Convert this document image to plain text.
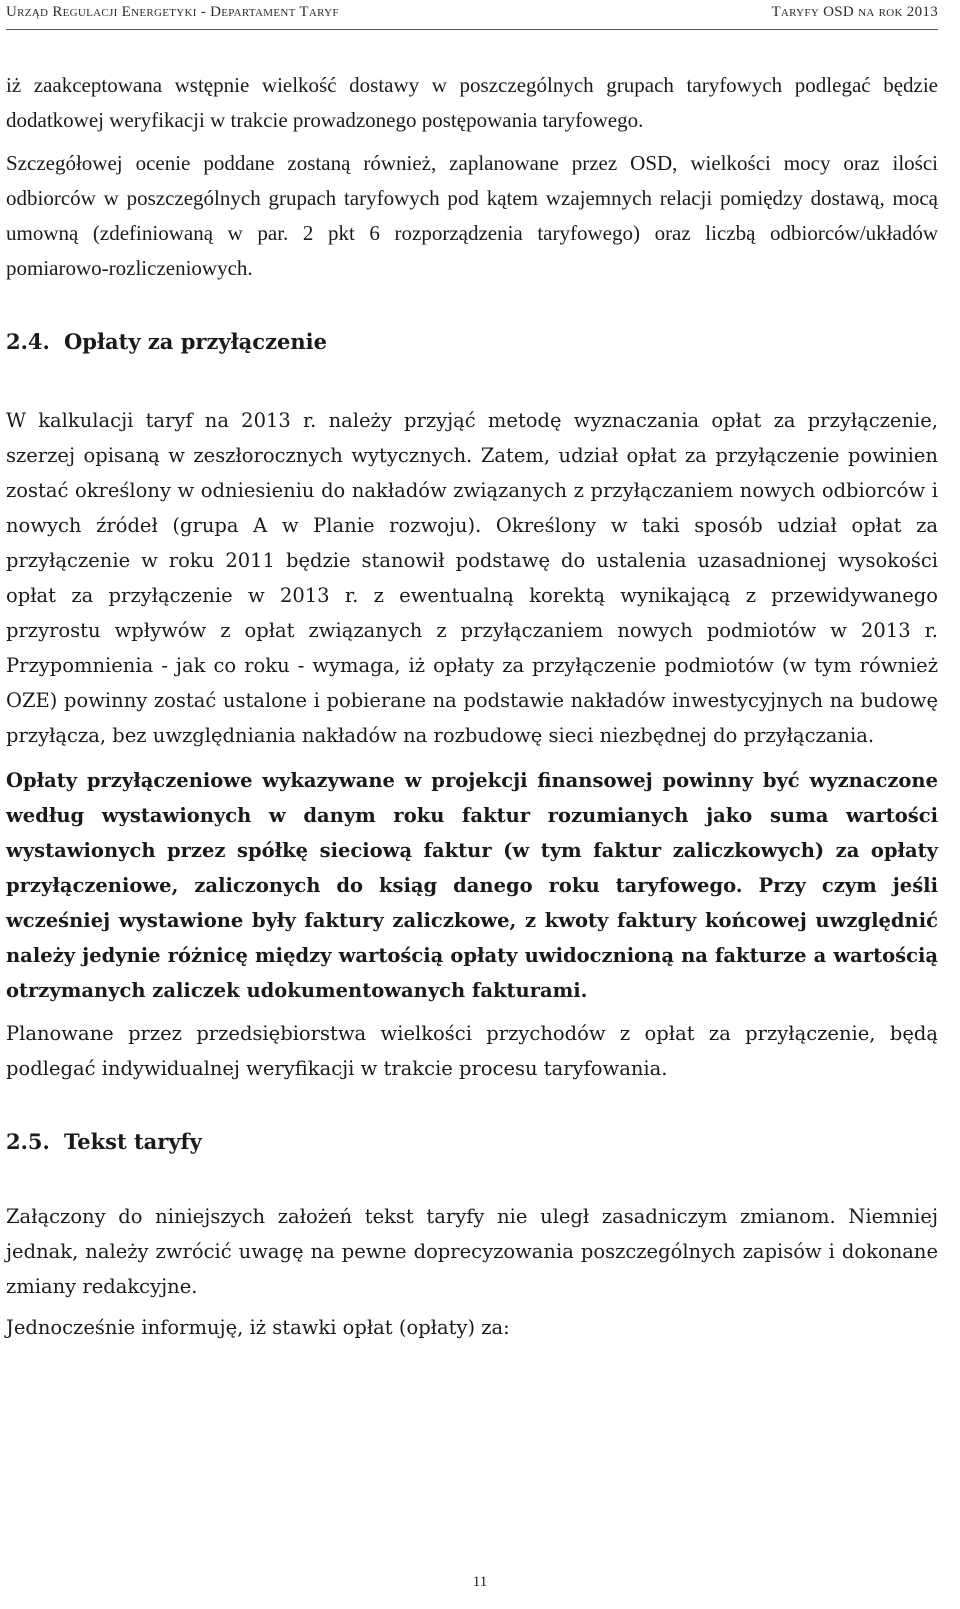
Urząd Regulacji Energetyki - Departament Taryf	Taryfy OSD na rok 2013

iż zaakceptowana wstępnie wielkość dostawy w poszczególnych grupach taryfowych podlegać będzie dodatkowej weryfikacji w trakcie prowadzonego postępowania taryfowego.

Szczegółowej ocenie poddane zostaną również, zaplanowane przez OSD, wielkości mocy oraz ilości odbiorców w poszczególnych grupach taryfowych pod kątem wzajemnych relacji pomiędzy dostawą, mocą umowną (zdefiniowaną w par. 2 pkt 6 rozporządzenia taryfowego) oraz liczbą odbiorców/układów pomiarowo-rozliczeniowych.

2.4. Opłaty za przyłączenie

W kalkulacji taryf na 2013 r. należy przyjąć metodę wyznaczania opłat za przyłączenie, szerzej opisaną w zeszłorocznych wytycznych. Zatem, udział opłat za przyłączenie powinien zostać określony w odniesieniu do nakładów związanych z przyłączaniem nowych odbiorców i nowych źródeł (grupa A w Planie rozwoju). Określony w taki sposób udział opłat za przyłączenie w roku 2011 będzie stanowił podstawę do ustalenia uzasadnionej wysokości opłat za przyłączenie w 2013 r. z ewentualną korektą wynikającą z przewidywanego przyrostu wpływów z opłat związanych z przyłączaniem nowych podmiotów w 2013 r. Przypomnienia - jak co roku - wymaga, iż opłaty za przyłączenie podmiotów (w tym również OZE) powinny zostać ustalone i pobierane na podstawie nakładów inwestycyjnych na budowę przyłącza, bez uwzględniania nakładów na rozbudowę sieci niezbędnej do przyłączania.

Opłaty przyłączeniowe wykazywane w projekcji finansowej powinny być wyznaczone według wystawionych w danym roku faktur rozumianych jako suma wartości wystawionych przez spółkę sieciową faktur (w tym faktur zaliczkowych) za opłaty przyłączeniowe, zaliczonych do ksiąg danego roku taryfowego. Przy czym jeśli wcześniej wystawione były faktury zaliczkowe, z kwoty faktury końcowej uwzględnić należy jedynie różnicę między wartością opłaty uwidocznioną na fakturze a wartością otrzymanych zaliczek udokumentowanych fakturami.

Planowane przez przedsiębiorstwa wielkości przychodów z opłat za przyłączenie, będą podlegać indywidualnej weryfikacji w trakcie procesu taryfowania.

2.5. Tekst taryfy

Załączony do niniejszych założeń tekst taryfy nie uległ zasadniczym zmianom. Niemniej jednak, należy zwrócić uwagę na pewne doprecyzowania poszczególnych zapisów i dokonane zmiany redakcyjne.

Jednocześnie informuję, iż stawki opłat (opłaty) za:

11
